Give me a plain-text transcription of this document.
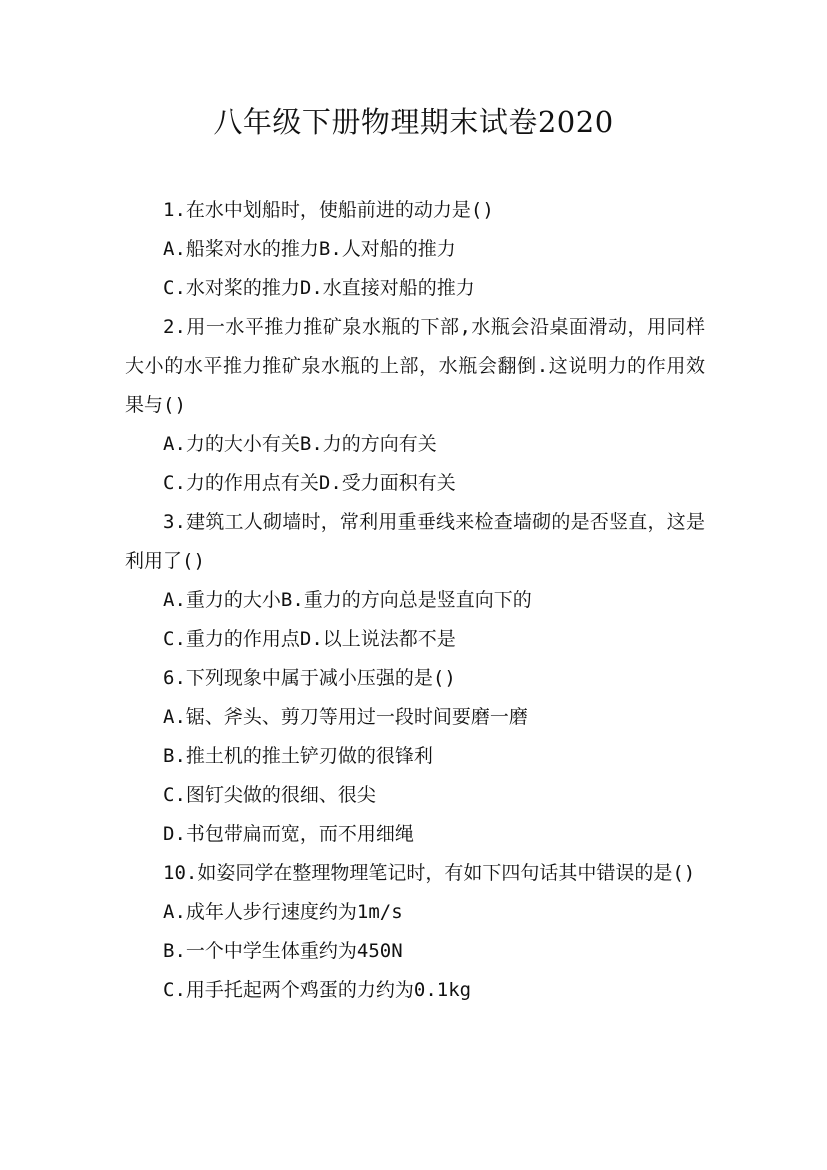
八年级下册物理期末试卷2020

1.在水中划船时，使船前进的动力是()

A.船桨对水的推力B.人对船的推力

C.水对桨的推力D.水直接对船的推力

2.用一水平推力推矿泉水瓶的下部,水瓶会沿桌面滑动，用同样大小的水平推力推矿泉水瓶的上部，水瓶会翻倒.这说明力的作用效果与()

A.力的大小有关B.力的方向有关

C.力的作用点有关D.受力面积有关

3.建筑工人砌墙时，常利用重垂线来检查墙砌的是否竖直，这是利用了()

A.重力的大小B.重力的方向总是竖直向下的

C.重力的作用点D.以上说法都不是

6.下列现象中属于减小压强的是()

A.锯、斧头、剪刀等用过一段时间要磨一磨

B.推土机的推土铲刃做的很锋利

C.图钉尖做的很细、很尖

D.书包带扁而宽，而不用细绳

10.如姿同学在整理物理笔记时，有如下四句话其中错误的是()

A.成年人步行速度约为1m/s

B.一个中学生体重约为450N

C.用手托起两个鸡蛋的力约为0.1kg
